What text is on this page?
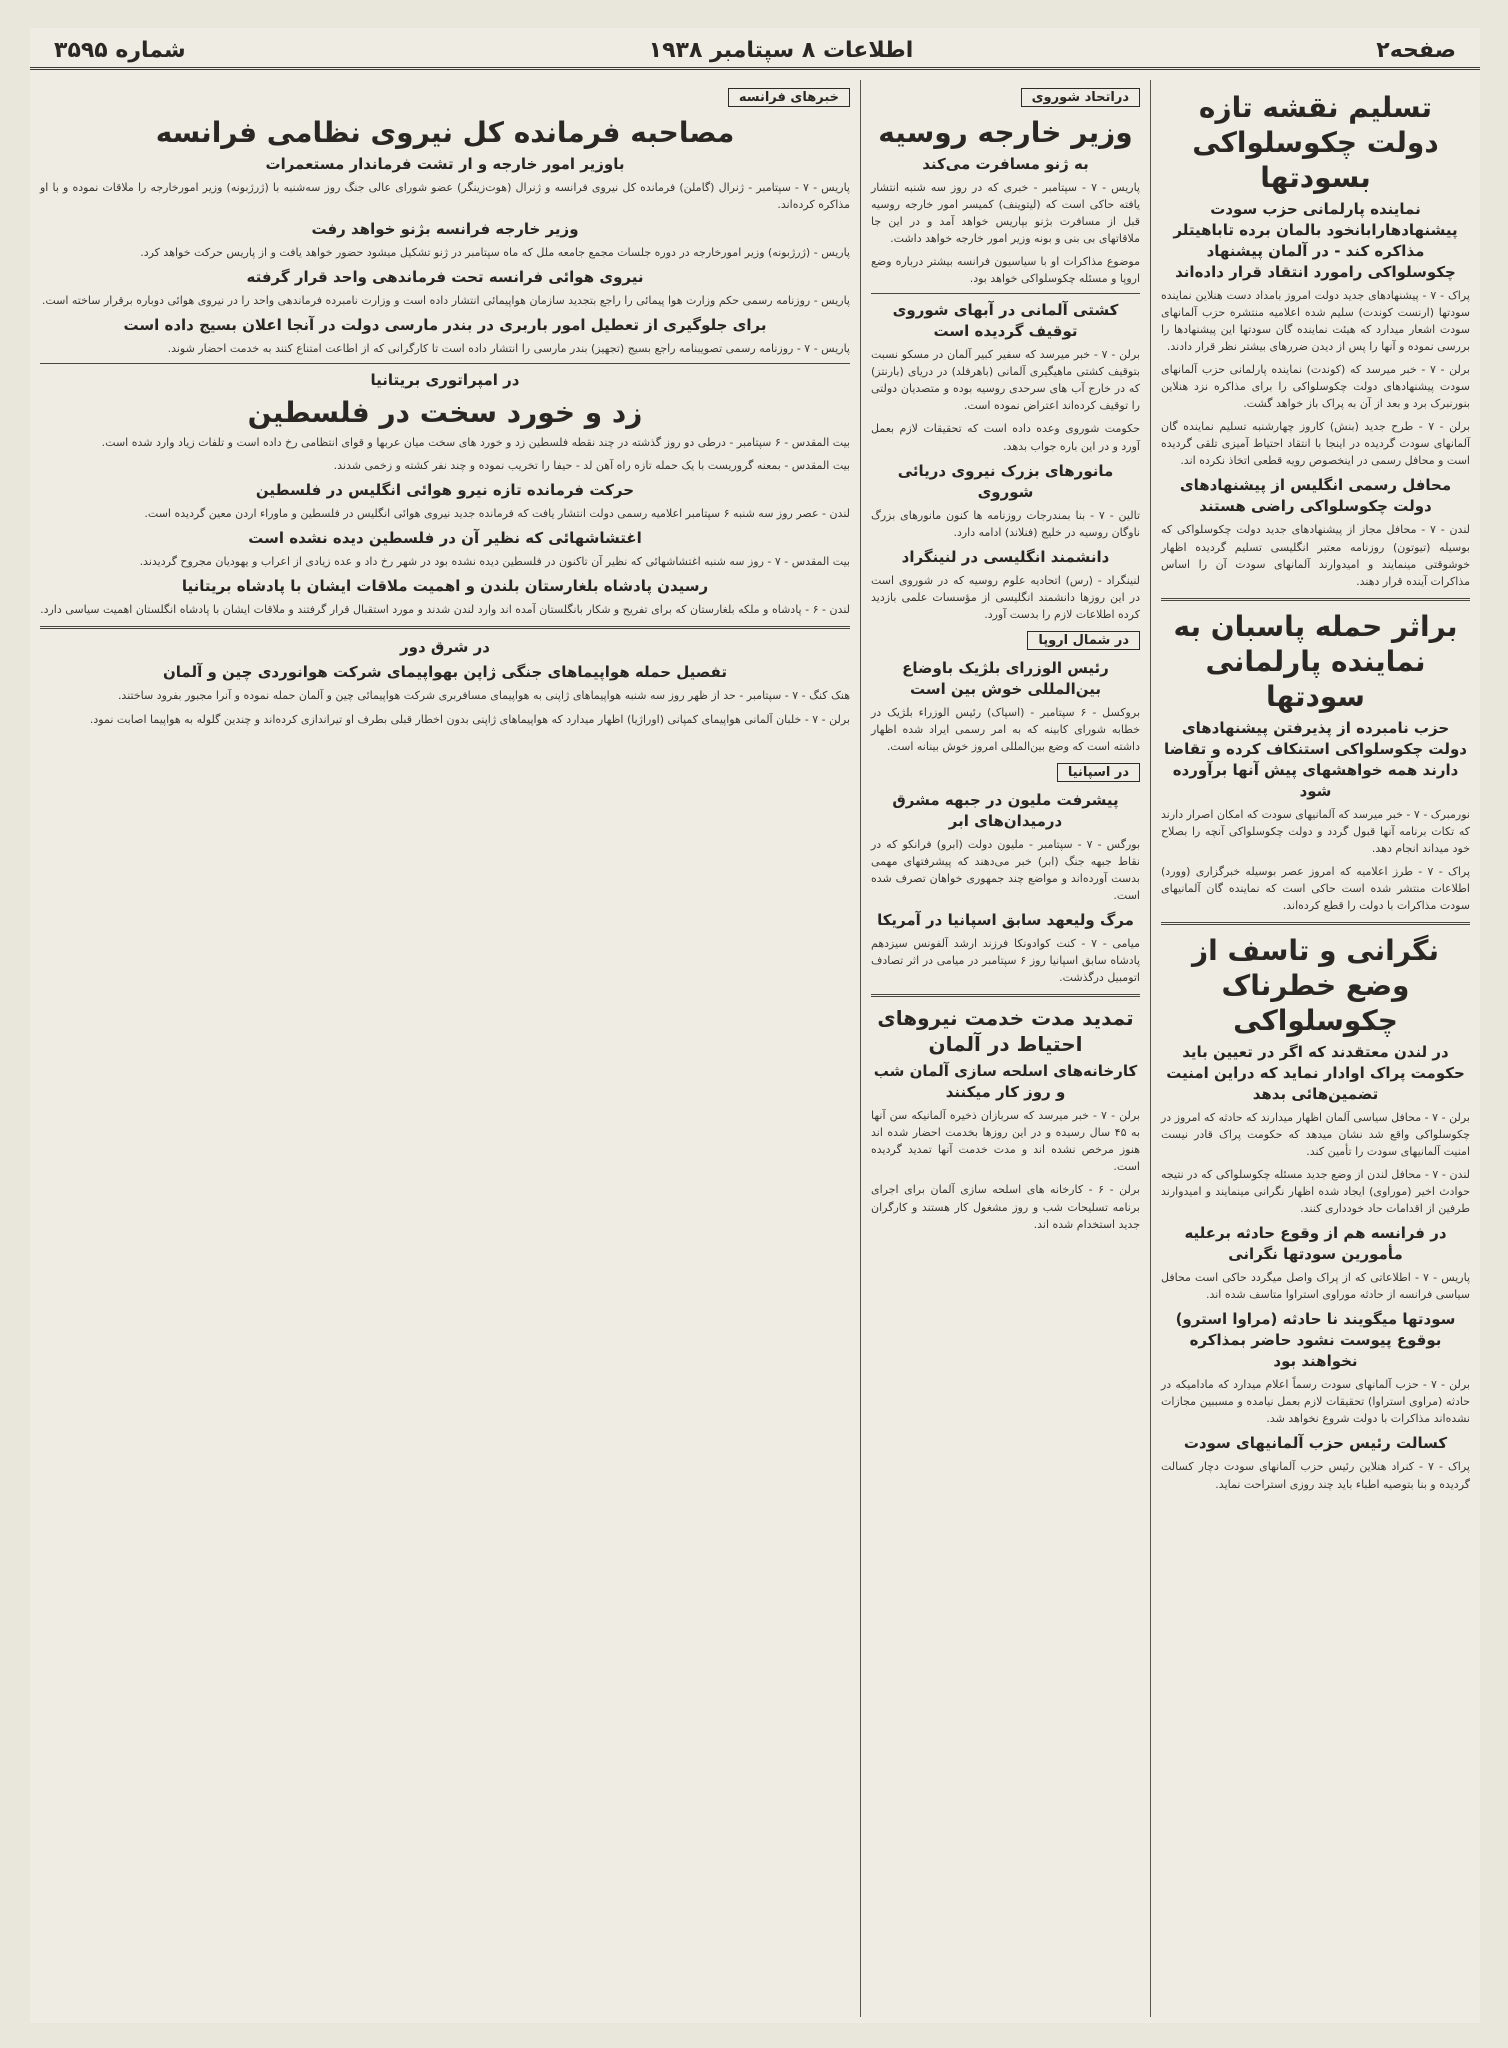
صفحه۲
اطلاعات ۸ سپتامبر ۱۹۳۸
شماره ۳۵۹۵
تسلیم نقشه تازه دولت چکوسلواکی بسودتها
نماینده پارلمانی حزب سودت پیشنهادهارابانخود بالمان برده تاباهیتلر مذاکره کند - در آلمان پیشنهاد چکوسلواکی رامورد انتقاد قرار داده‌اند
پراک - ۷ - پیشنهادهای جدید دولت امروز بامداد دست هنلاین نماینده سودتها (ارنست کوندت) سلیم شده اعلامیه منتشره حزب آلمانهای سودت اشعار میدارد که هیئت نماینده گان سودتها این پیشنهادها را بررسی نموده و آنها را پس از دیدن ضررهای بیشتر نظر قرار دادند.
برلن - ۷ - خبر میرسد که (کوندت) نماینده پارلمانی حزب آلمانهای سودت پیشنهادهای دولت چکوسلواکی را برای مذاکره نزد هنلاین بنورنبرک برد و بعد از آن به پراک باز خواهد گشت.
برلن - ۷ - طرح جدید (بنش) کاروز چهارشنبه تسلیم نماینده گان آلمانهای سودت گردیده در اینجا با انتقاد احتیاط آمیزی تلقی گردیده است و محافل رسمی در اینخصوص رویه قطعی اتخاذ نکرده اند.
محافل رسمی انگلیس از پیشنهادهای دولت چکوسلواکی راضی هستند
لندن - ۷ - محافل مجاز از پیشنهادهای جدید دولت چکوسلواکی که بوسیله (تیوتون) روزنامه معتبر انگلیسی تسلیم گردیده اظهار خوشوقتی مینمایند و امیدوارند آلمانهای سودت آن را اساس مذاکرات آینده قرار دهند.
براثر حمله پاسبان به نماینده پارلمانی سودتها
حزب نامبرده از پذیرفتن پیشنهادهای دولت چکوسلواکی استنکاف کرده و تقاضا دارند همه خواهشهای پیش آنها برآورده شود
نورمبرک - ۷ - خبر میرسد که آلمانیهای سودت که امکان اصرار دارند که تکات برنامه آنها قبول گردد و دولت چکوسلواکی آنچه را بصلاح خود میداند انجام دهد.
پراک - ۷ - طرز اعلامیه که امروز عصر بوسیله خبرگزاری (وورد) اطلاعات منتشر شده است حاکی است که نماینده گان آلمانیهای سودت مذاکرات با دولت را قطع کرده‌اند.
نگرانی و تاسف از وضع خطرناک چکوسلواکی
در لندن معتقدند که اگر در تعیین باید حکومت پراک اوادار نماید که دراین امنیت تضمین‌هائی بدهد
برلن - ۷ - محافل سیاسی آلمان اظهار میدارند که حادثه که امروز در چکوسلواکی واقع شد نشان میدهد که حکومت پراک قادر نیست امنیت آلمانیهای سودت را تأمین کند.
لندن - ۷ - محافل لندن از وضع جدید مسئله چکوسلواکی که در نتیجه حوادث اخیر (موراوی) ایجاد شده اظهار نگرانی مینمایند و امیدوارند طرفین از اقدامات حاد خودداری کنند.
در فرانسه هم از وقوع حادثه برعلیه مأمورین سودتها نگرانی
پاریس - ۷ - اطلاعاتی که از پراک واصل میگردد حاکی است محافل سیاسی فرانسه از حادثه موراوی استراوا متاسف شده اند.
سودتها میگویند نا حادثه (مراوا استرو) بوقوع پیوست نشود حاضر بمذاکره نخواهند بود
برلن - ۷ - حزب آلمانهای سودت رسماً اعلام میدارد که مادامیکه در حادثه (مراوی استراوا) تحقیقات لازم بعمل نیامده و مسببین مجازات نشده‌اند مذاکرات با دولت شروع نخواهد شد.
کسالت رئیس حزب آلمانیهای سودت
پراک - ۷ - کنراد هنلاین رئیس حزب آلمانهای سودت دچار کسالت گردیده و بنا بتوصیه اطباء باید چند روزی استراحت نماید.
دراتحاد شوروی
وزیر خارجه روسیه
به ژنو مسافرت می‌کند
پاریس - ۷ - سپتامبر - خبری که در روز سه شنبه انتشار یافته حاکی است که (لیتوینف) کمیسر امور خارجه روسیه قبل از مسافرت بژنو بپاریس خواهد آمد و در این جا ملاقاتهای بی بنی و بونه وزیر امور خارجه خواهد داشت.
موضوع مذاکرات او با سیاسیون فرانسه بیشتر درباره وضع اروپا و مسئله چکوسلواکی خواهد بود.
کشتی آلمانی در آبهای شوروی توقیف گردیده است
برلن - ۷ - خبر میرسد که سفیر کبیر آلمان در مسکو نسبت بتوقیف کشتی ماهیگیری آلمانی (باهرفلد) در دریای (بارنتز) که در خارج آب های سرحدی روسیه بوده و متصدیان دولتی را توقیف کرده‌اند اعتراض نموده است.
حکومت شوروی وعده داده است که تحقیقات لازم بعمل آورد و در این باره جواب بدهد.
مانورهای بزرک نیروی دریائی شوروی
تالین - ۷ - بنا بمندرجات روزنامه ها کنون مانورهای بزرگ ناوگان روسیه در خلیج (فنلاند) ادامه دارد.
دانشمند انگلیسی در لنینگراد
لنینگراد - (رس) اتحادیه علوم روسیه که در شوروی است در این روزها دانشمند انگلیسی از مؤسسات علمی بازدید کرده اطلاعات لازم را بدست آورد.
در شمال اروپا
رئیس الوزرای بلژیک باوضاع بین‌المللی خوش بین است
بروکسل - ۶ سپتامبر - (اسپاک) رئیس الوزراء بلژیک در خطابه شورای کابینه که به امر رسمی ایراد شده اظهار داشته است که وضع بین‌المللی امروز خوش بینانه است.
در اسپانیا
پیشرفت ملیون در جبهه مشرق درمیدان‌های ابر
بورگس - ۷ - سپتامبر - ملیون دولت (ابرو) فرانکو که در نقاط جبهه جنگ (ابر) خبر می‌دهند که پیشرفتهای مهمی بدست آورده‌اند و مواضع چند جمهوری خواهان تصرف شده است.
مرگ ولیعهد سابق اسپانیا در آمریکا
میامی - ۷ - کنت کوادونکا فرزند ارشد آلفونس سیزدهم پادشاه سابق اسپانیا روز ۶ سپتامبر در میامی در اثر تصادف اتومبیل درگذشت.
تمدید مدت خدمت نیروهای احتیاط در آلمان
کارخانه‌های اسلحه سازی آلمان شب و روز کار میکنند
برلن - ۷ - خبر میرسد که سربازان ذخیره آلمانیکه سن آنها به ۴۵ سال رسیده و در این روزها بخدمت احضار شده اند هنوز مرخص نشده اند و مدت خدمت آنها تمدید گردیده است.
برلن - ۶ - کارخانه های اسلحه سازی آلمان برای اجرای برنامه تسلیحات شب و روز مشغول کار هستند و کارگران جدید استخدام شده اند.
خبرهای فرانسه
مصاحبه فرمانده کل نیروی نظامی فرانسه
باوزیر امور خارجه و ار تشت فرماندار مستعمرات
پاریس - ۷ - سپتامبر - ژنرال (گاملن) فرمانده کل نیروی فرانسه و ژنرال (هوت‌زینگر) عضو شورای عالی جنگ روز سه‌شنبه با (ژرژبونه) وزیر امورخارجه را ملاقات نموده و با او مذاکره کرده‌اند.
وزیر خارجه فرانسه بژنو خواهد رفت
پاریس - (ژرژبونه) وزیر امورخارجه در دوره جلسات مجمع جامعه ملل که ماه سپتامبر در ژنو تشکیل میشود حضور خواهد یافت و از پاریس حرکت خواهد کرد.
نیروی هوائی فرانسه تحت فرماندهی واحد قرار گرفته
پاریس - روزنامه رسمی حکم وزارت هوا پیمائی را راجع بتجدید سازمان هواپیمائی انتشار داده است و وزارت نامبرده فرماندهی واحد را در نیروی هوائی دوباره برقرار ساخته است.
برای جلوگیری از تعطیل امور باربری در بندر مارسی دولت در آنجا اعلان بسیج داده است
پاریس - ۷ - روزنامه رسمی تصویبنامه راجع بسیج (تجهیز) بندر مارسی را انتشار داده است تا کارگرانی که از اطاعت امتناع کنند به خدمت احضار شوند.
در امپراتوری بریتانیا
زد و خورد سخت در فلسطین
بیت المقدس - ۶ سپتامبر - درطی دو روز گذشته در چند نقطه فلسطین زد و خورد های سخت میان عربها و قوای انتظامی رخ داده است و تلفات زیاد وارد شده است.
بیت المقدس - بمعنه گروریست با یک حمله تازه راه آهن لد - حیفا را تخریب نموده و چند نفر کشته و زخمی شدند.
حرکت فرمانده تازه نیرو هوائی انگلیس در فلسطین
لندن - عصر روز سه شنبه ۶ سپتامبر اعلامیه رسمی دولت انتشار یافت که فرمانده جدید نیروی هوائی انگلیس در فلسطین و ماوراء اردن معین گردیده است.
اغتشاشهائی که نظیر آن در فلسطین دیده نشده است
بیت المقدس - ۷ - روز سه شنبه اغتشاشهائی که نظیر آن تاکنون در فلسطین دیده نشده بود در شهر رخ داد و عده زیادی از اعراب و یهودیان مجروح گردیدند.
رسیدن پادشاه بلغارستان بلندن و اهمیت ملاقات ایشان با پادشاه بریتانیا
لندن - ۶ - پادشاه و ملکه بلغارستان که برای تفریح و شکار بانگلستان آمده اند وارد لندن شدند و مورد استقبال قرار گرفتند و ملاقات ایشان با پادشاه انگلستان اهمیت سیاسی دارد.
در شرق دور
تفصیل حمله هواپیماهای جنگی ژاپن بهواپیمای شرکت هوانوردی چین و آلمان
هنک کنگ - ۷ - سپتامبر - حد از ظهر روز سه شنبه هواپیماهای ژاپنی به هواپیمای مسافربری شرکت هواپیمائی چین و آلمان حمله نموده و آنرا مجبور بفرود ساختند.
برلن - ۷ - خلبان آلمانی هواپیمای کمپانی (اوراژیا) اظهار میدارد که هواپیماهای ژاپنی بدون اخطار قبلی بطرف او تیراندازی کرده‌اند و چندین گلوله به هواپیما اصابت نمود.
